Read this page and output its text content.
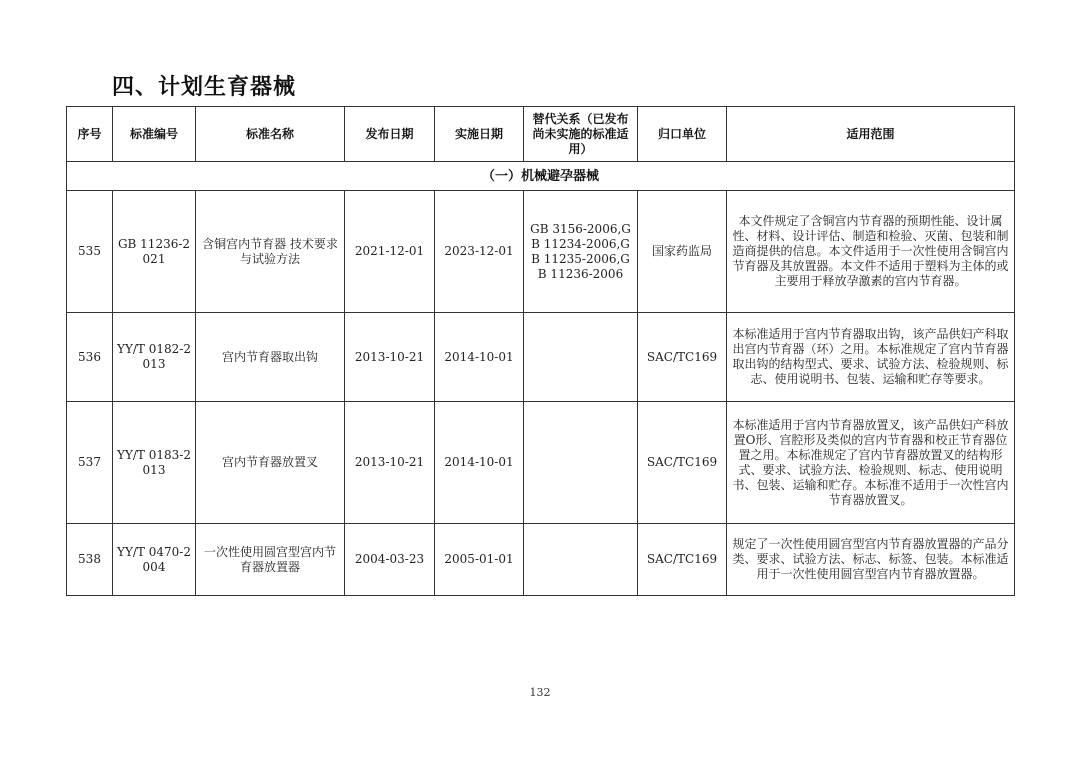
四、计划生育器械
序号	标准编号	标准名称	发布日期	实施日期	替代关系（已发布尚未实施的标准适用）	归口单位	适用范围
（一）机械避孕器械							
535	GB 11236-2021	含铜宫内节育器 技术要求与试验方法	2021-12-01	2023-12-01	GB 3156-2006,GB 11234-2006,GB 11235-2006,GB 11236-2006	国家药监局	本文件规定了含铜宫内节育器的预期性能、设计属性、材料、设计评估、制造和检验、灭菌、包装和制造商提供的信息。本文件适用于一次性使用含铜宫内节育器及其放置器。本文件不适用于塑料为主体的或主要用于释放孕激素的宫内节育器。
536	YY/T 0182-2013	宫内节育器取出钩	2013-10-21	2014-10-01		SAC/TC169	本标准适用于宫内节育器取出钩，该产品供妇产科取出宫内节育器（环）之用。本标准规定了宫内节育器取出钩的结构型式、要求、试验方法、检验规则、标志、使用说明书、包装、运输和贮存等要求。
537	YY/T 0183-2013	宫内节育器放置叉	2013-10-21	2014-10-01		SAC/TC169	本标准适用于宫内节育器放置叉，该产品供妇产科放置O形、宫腔形及类似的宫内节育器和校正节育器位置之用。本标准规定了宫内节育器放置叉的结构形式、要求、试验方法、检验规则、标志、使用说明书、包装、运输和贮存。本标准不适用于一次性宫内节育器放置叉。
538	YY/T 0470-2004	一次性使用圆宫型宫内节育器放置器	2004-03-23	2005-01-01		SAC/TC169	规定了一次性使用圆宫型宫内节育器放置器的产品分类、要求、试验方法、标志、标签、包装。本标准适用于一次性使用圆宫型宫内节育器放置器。
132
